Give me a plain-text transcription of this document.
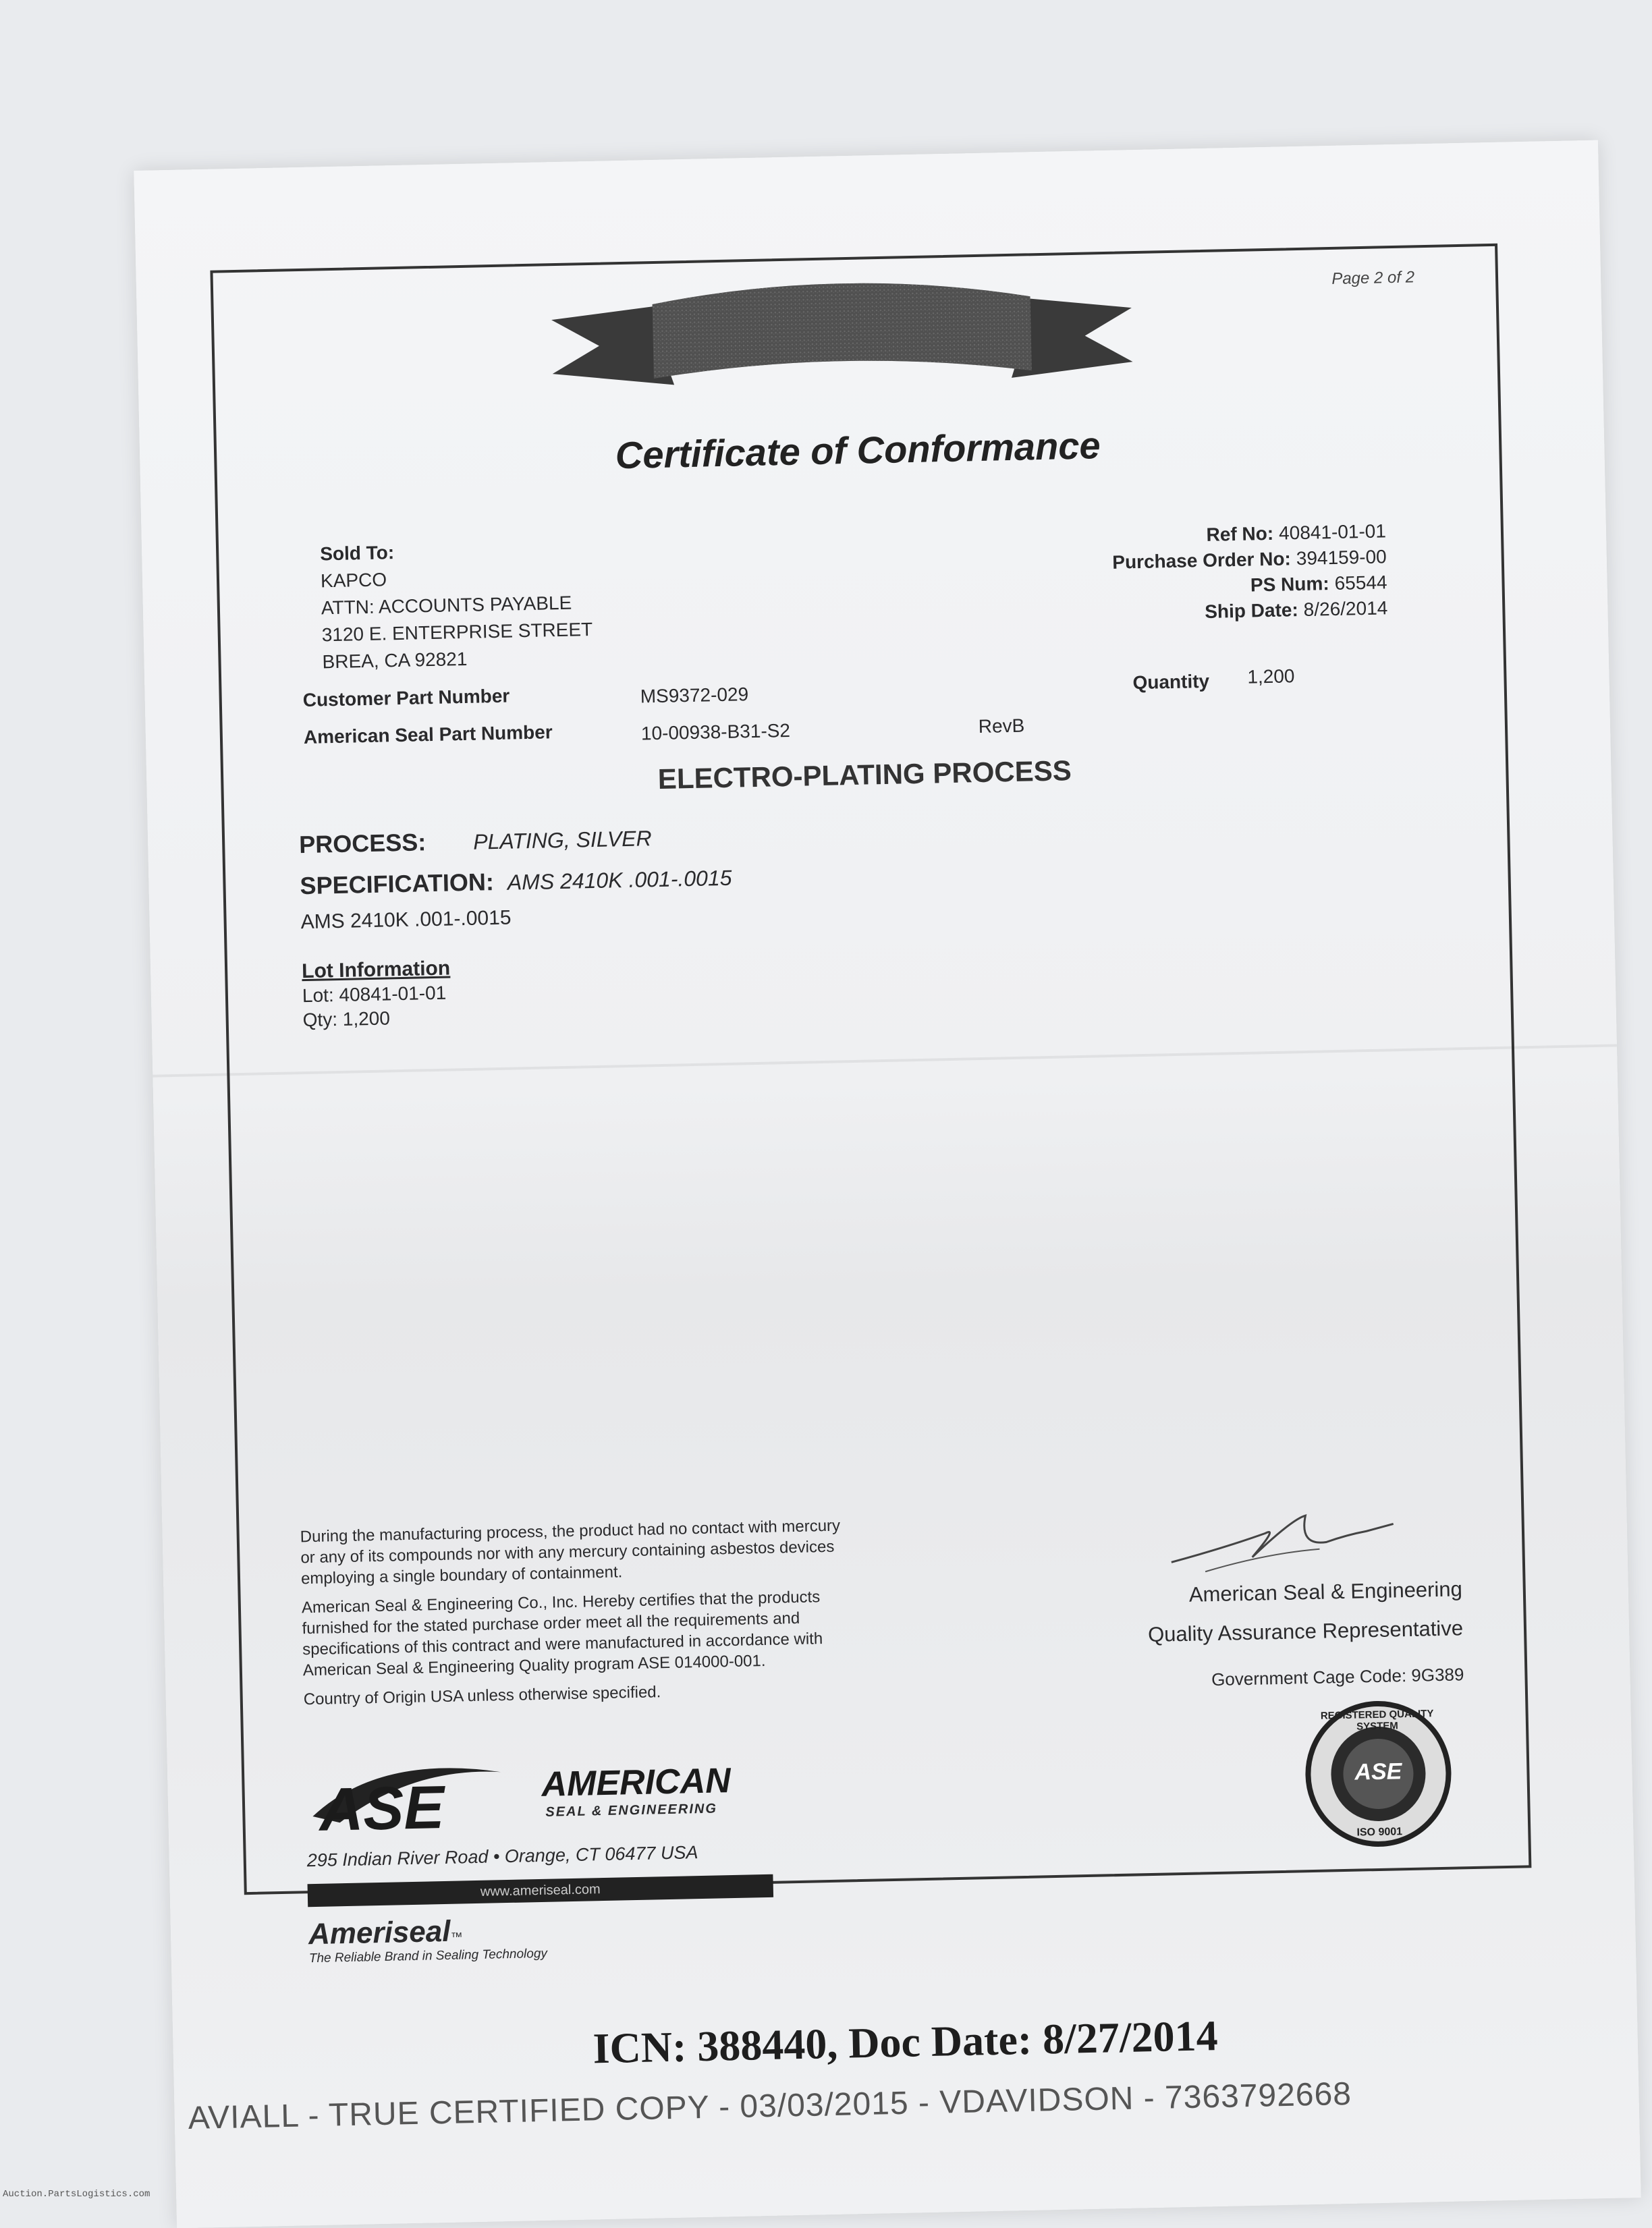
Page 2 of 2
Certificate of Conformance
Sold To:
KAPCO
ATTN: ACCOUNTS PAYABLE
3120 E. ENTERPRISE STREET
BREA, CA 92821
Ref No: 40841-01-01
Purchase Order No: 394159-00
PS Num: 65544
Ship Date: 8/26/2014
Customer Part Number	MS9372-029
Quantity 1,200
American Seal Part Number	10-00938-B31-S2	RevB
ELECTRO-PLATING PROCESS
PROCESS: PLATING, SILVER
SPECIFICATION: AMS 2410K .001-.0015
AMS 2410K .001-.0015
Lot Information
Lot: 40841-01-01
Qty: 1,200

During the manufacturing process, the product had no contact with mercury or any of its compounds nor with any mercury containing asbestos devices employing a single boundary of containment.

American Seal & Engineering Co., Inc. Hereby certifies that the products furnished for the stated purchase order meet all the requirements and specifications of this contract and were manufactured in accordance with American Seal & Engineering Quality program ASE 014000-001.

Country of Origin USA unless otherwise specified.

ASE	AMERICAN
SEAL & ENGINEERING
295 Indian River Road • Orange, CT 06477 USA
www.ameriseal.com
Ameriseal™
The Reliable Brand in Sealing Technology
American Seal & Engineering
Quality Assurance Representative
Government Cage Code: 9G389
REGISTERED QUALITY SYSTEM
ASE
ISO 9001
ICN: 388440, Doc Date: 8/27/2014
AVIALL - TRUE CERTIFIED COPY - 03/03/2015 - VDAVIDSON - 7363792668
Auction.PartsLogistics.com
